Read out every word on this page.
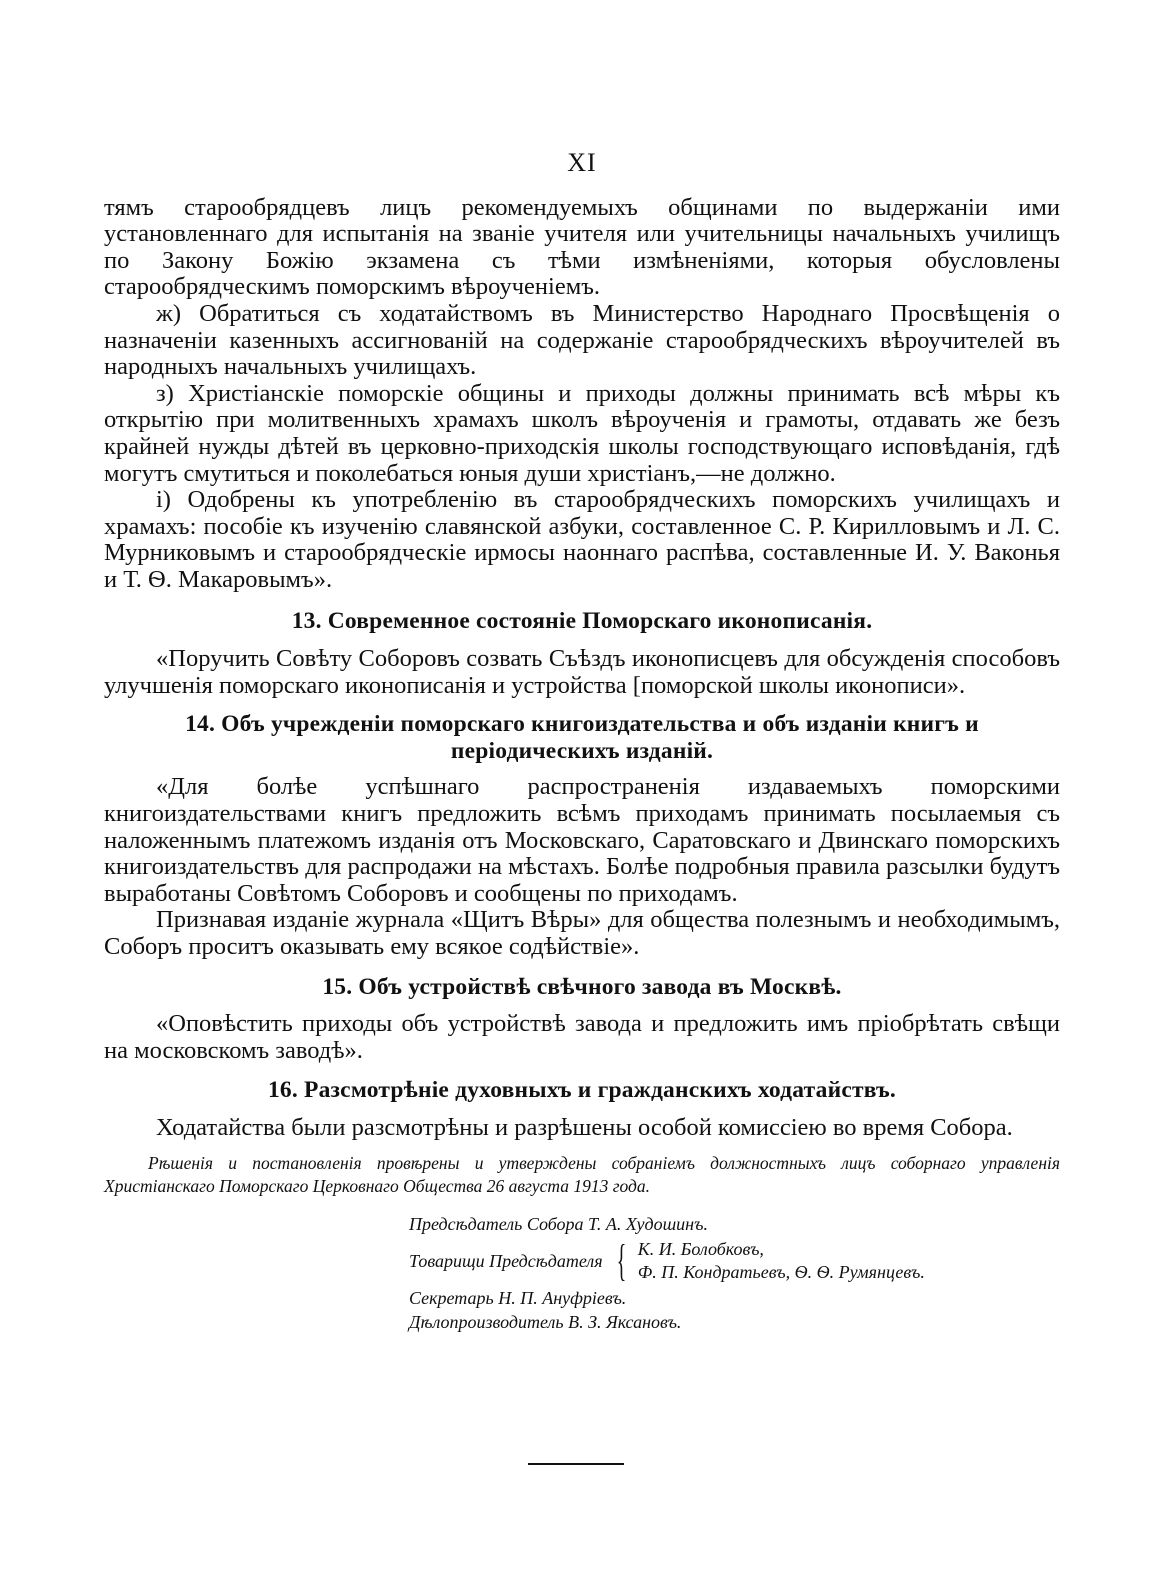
XI

тямъ старообрядцевъ лицъ рекомендуемыхъ общинами по выдержанiи ими установленнаго для испытанiя на званiе учителя или учительницы начальныхъ училищъ по Закону Божiю экзамена съ тѣми измѣненiями, которыя обусловлены старообрядческимъ поморскимъ вѣроученiемъ.

ж) Обратиться съ ходатайствомъ въ Министерство Народнаго Просвѣщенiя о назначенiи казенныхъ ассигнованiй на содержанiе старообрядческихъ вѣроучителей въ народныхъ начальныхъ училищахъ.

з) Христiанскiе поморскiе общины и приходы должны принимать всѣ мѣры къ открытiю при молитвенныхъ храмахъ школъ вѣроученiя и грамоты, отдавать же безъ крайней нужды дѣтей въ церковно-приходскiя школы господствующаго исповѣданiя, гдѣ могутъ смутиться и поколебаться юныя души христiанъ,—не должно.

i) Одобрены къ употребленiю въ старообрядческихъ поморскихъ училищахъ и храмахъ: пособiе къ изученiю славянской азбуки, составленное С. Р. Кирилловымъ и Л. С. Мурниковымъ и старообрядческiе ирмосы наоннаго распѣва, составленные И. У. Ваконья и Т. Ѳ. Макаровымъ».

13. Современное состоянiе Поморскаго иконописанiя.

«Поручить Совѣту Соборовъ созвать Съѣздъ иконописцевъ для обсужденiя способовъ улучшенiя поморскаго иконописанiя и устройства [поморской школы иконописи».

14. Объ учрежденiи поморскаго книгоиздательства и объ изданiи книгъ и перiодическихъ изданiй.

«Для болѣе успѣшнаго распространенiя издаваемыхъ поморскими книгоиздательствами книгъ предложить всѣмъ приходамъ принимать посылаемыя съ наложеннымъ платежомъ изданiя отъ Московскаго, Саратовскаго и Двинскаго поморскихъ книгоиздательствъ для распродажи на мѣстахъ. Болѣе подробныя правила разсылки будутъ выработаны Совѣтомъ Соборовъ и сообщены по приходамъ.

Признавая изданiе журнала «Щитъ Вѣры» для общества полезнымъ и необходимымъ, Соборъ проситъ оказывать ему всякое содѣйствiе».

15. Объ устройствѣ свѣчного завода въ Москвѣ.

«Оповѣстить приходы объ устройствѣ завода и предложить имъ прiобрѣтать свѣщи на московскомъ заводѣ».

16. Разсмотрѣнiе духовныхъ и гражданскихъ ходатайствъ.

Ходатайства были разсмотрѣны и разрѣшены особой комиссiею во время Собора.

Рѣшенiя и постановленiя провѣрены и утверждены собранiемъ должностныхъ лицъ соборнаго управленiя Христiанскаго Поморскаго Церковнаго Общества 26 августа 1913 года.
Предсѣдатель Собора Т. А. Худошинъ.
Товарищи Предсѣдателя { К. И. Болобковъ,
Ф. П. Кондратьевъ, Ѳ. Ѳ. Румянцевъ.
Секретарь Н. П. Ануфрiевъ.
Дѣлопроизводитель В. З. Яксановъ.
